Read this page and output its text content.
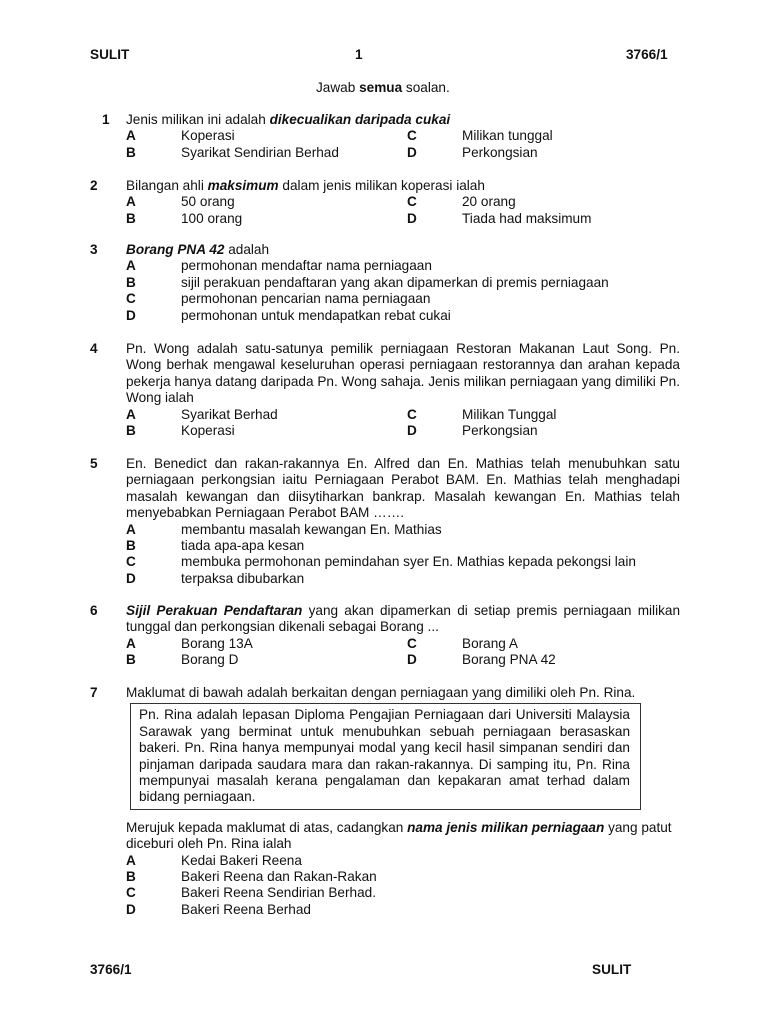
SULIT	1	3766/1
Jawab semua soalan.
1	Jenis milikan ini adalah dikecualikan daripada cukai
A	Koperasi	C	Milikan tunggal
B	Syarikat Sendirian Berhad	D	Perkongsian
2	Bilangan ahli maksimum dalam jenis milikan koperasi ialah
A	50 orang	C	20 orang
B	100 orang	D	Tiada had maksimum
3	Borang PNA 42 adalah
A	permohonan mendaftar nama perniagaan
B	sijil perakuan pendaftaran yang akan dipamerkan di premis perniagaan
C	permohonan pencarian nama perniagaan
D	permohonan untuk mendapatkan rebat cukai
4	Pn. Wong adalah satu-satunya pemilik perniagaan Restoran Makanan Laut Song. Pn. Wong berhak mengawal keseluruhan operasi perniagaan restorannya dan arahan kepada pekerja hanya datang daripada Pn. Wong sahaja. Jenis milikan perniagaan yang dimiliki Pn. Wong ialah
A	Syarikat Berhad	C	Milikan Tunggal
B	Koperasi	D	Perkongsian
5	En. Benedict dan rakan-rakannya En. Alfred dan En. Mathias telah menubuhkan satu perniagaan perkongsian iaitu Perniagaan Perabot BAM. En. Mathias telah menghadapi masalah kewangan dan diisytiharkan bankrap. Masalah kewangan En. Mathias telah menyebabkan Perniagaan Perabot BAM …….
A	membantu masalah kewangan En. Mathias
B	tiada apa-apa kesan
C	membuka permohonan pemindahan syer En. Mathias kepada pekongsi lain
D	terpaksa dibubarkan
6	Sijil Perakuan Pendaftaran yang akan dipamerkan di setiap premis perniagaan milikan tunggal dan perkongsian dikenali sebagai Borang ...
A	Borang 13A	C	Borang A
B	Borang D	D	Borang PNA 42
7	Maklumat di bawah adalah berkaitan dengan perniagaan yang dimiliki oleh Pn. Rina.
Pn. Rina adalah lepasan Diploma Pengajian Perniagaan dari Universiti Malaysia Sarawak yang berminat untuk menubuhkan sebuah perniagaan berasaskan bakeri. Pn. Rina hanya mempunyai modal yang kecil hasil simpanan sendiri dan pinjaman daripada saudara mara dan rakan-rakannya. Di samping itu, Pn. Rina mempunyai masalah kerana pengalaman dan kepakaran amat terhad dalam bidang perniagaan.
Merujuk kepada maklumat di atas, cadangkan nama jenis milikan perniagaan yang patut diceburi oleh Pn. Rina ialah
A	Kedai Bakeri Reena
B	Bakeri Reena dan Rakan-Rakan
C	Bakeri Reena Sendirian Berhad.
D	Bakeri Reena Berhad
3766/1	SULIT
